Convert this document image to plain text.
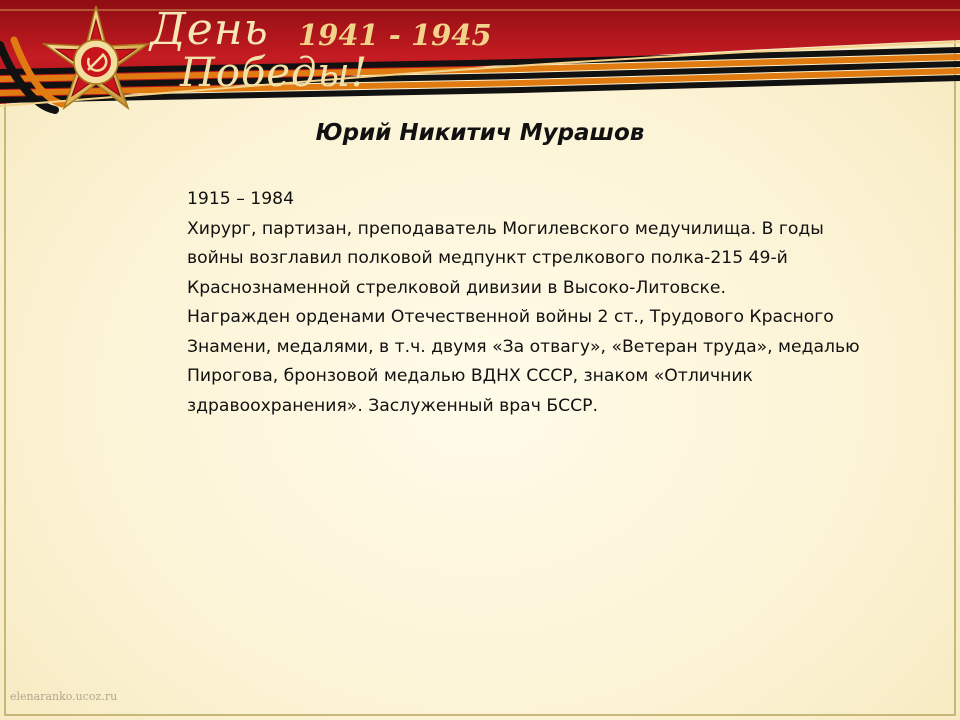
День
Победы!
1941 - 1945
Юрий Никитич Мурашов

1915 – 1984

Хирург, партизан, преподаватель Могилевского медучилища. В годы войны возглавил полковой медпункт стрелкового полка-215 49-й Краснознаменной стрелковой дивизии в Высоко-Литовске.

Награжден орденами Отечественной войны 2 ст., Трудового Красного Знамени, медалями, в т.ч. двумя «За отвагу», «Ветеран труда», медалью Пирогова, бронзовой медалью ВДНХ СССР, знаком «Отличник здравоохранения». Заслуженный врач БССР.

elenaranko.ucoz.ru
